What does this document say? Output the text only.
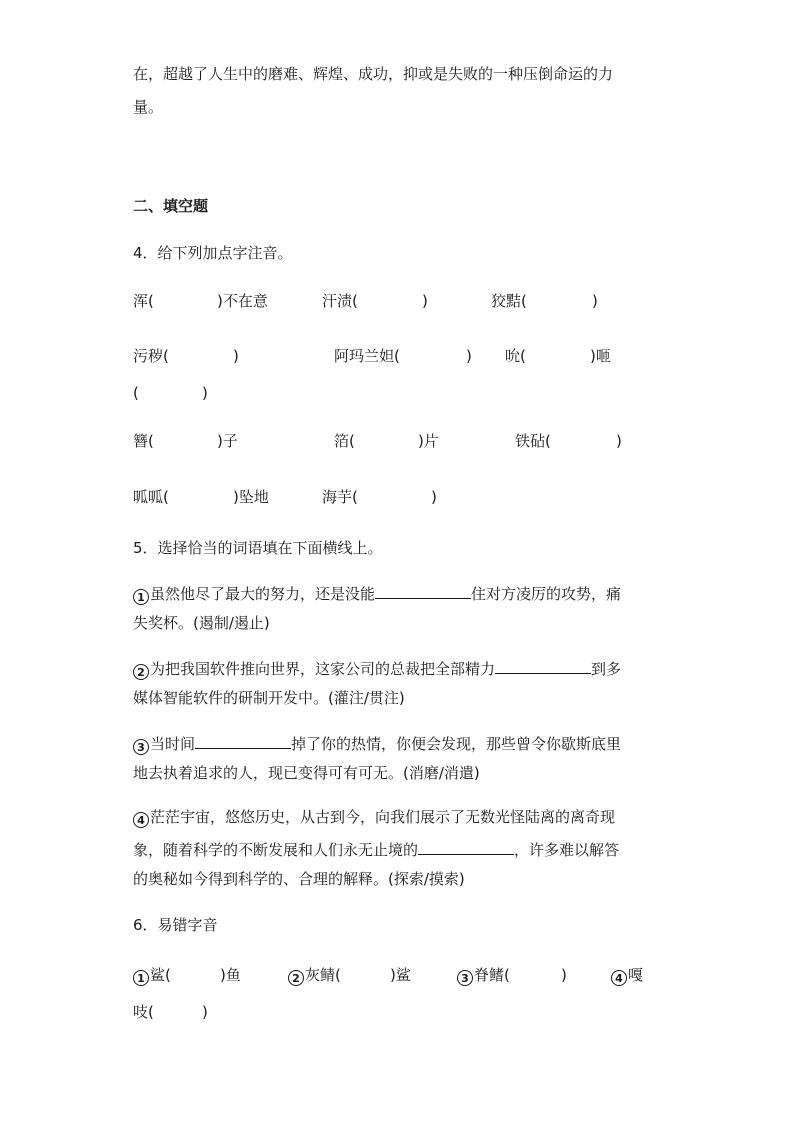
在，超越了人生中的磨难、辉煌、成功，抑或是失败的一种压倒命运的力
量。
二、填空题
4．给下列加点字注音。
浑(	)不在意	汗渍(	)	狡黠(	)
污秽(	)	阿玛兰妲(	) 吮(	)咂
(	)
簪(	)子	箔(	)片	铁砧(	)
呱呱(	)坠地	海芋(	)
5．选择恰当的词语填在下面横线上。
1 虽然他尽了最大的努力，还是没能	住对方凌厉的攻势，痛
失奖杯。(遏制/遏止)
2 为把我国软件推向世界，这家公司的总裁把全部精力	到多
媒体智能软件的研制开发中。(灌注/贯注)
3 当时间	掉了你的热情，你便会发现，那些曾令你歇斯底里
地去执着追求的人，现已变得可有可无。(消磨/消遣)
4 茫茫宇宙，悠悠历史，从古到今，向我们展示了无数光怪陆离的离奇现
象，随着科学的不断发展和人们永无止境的	，许多难以解答
的奥秘如今得到科学的、合理的解释。(探索/摸索)
6．易错字音
1 鲨(	)鱼	2 灰鲭(	)鲨	3 脊鳍(	)	4 嘎
吱(	)
